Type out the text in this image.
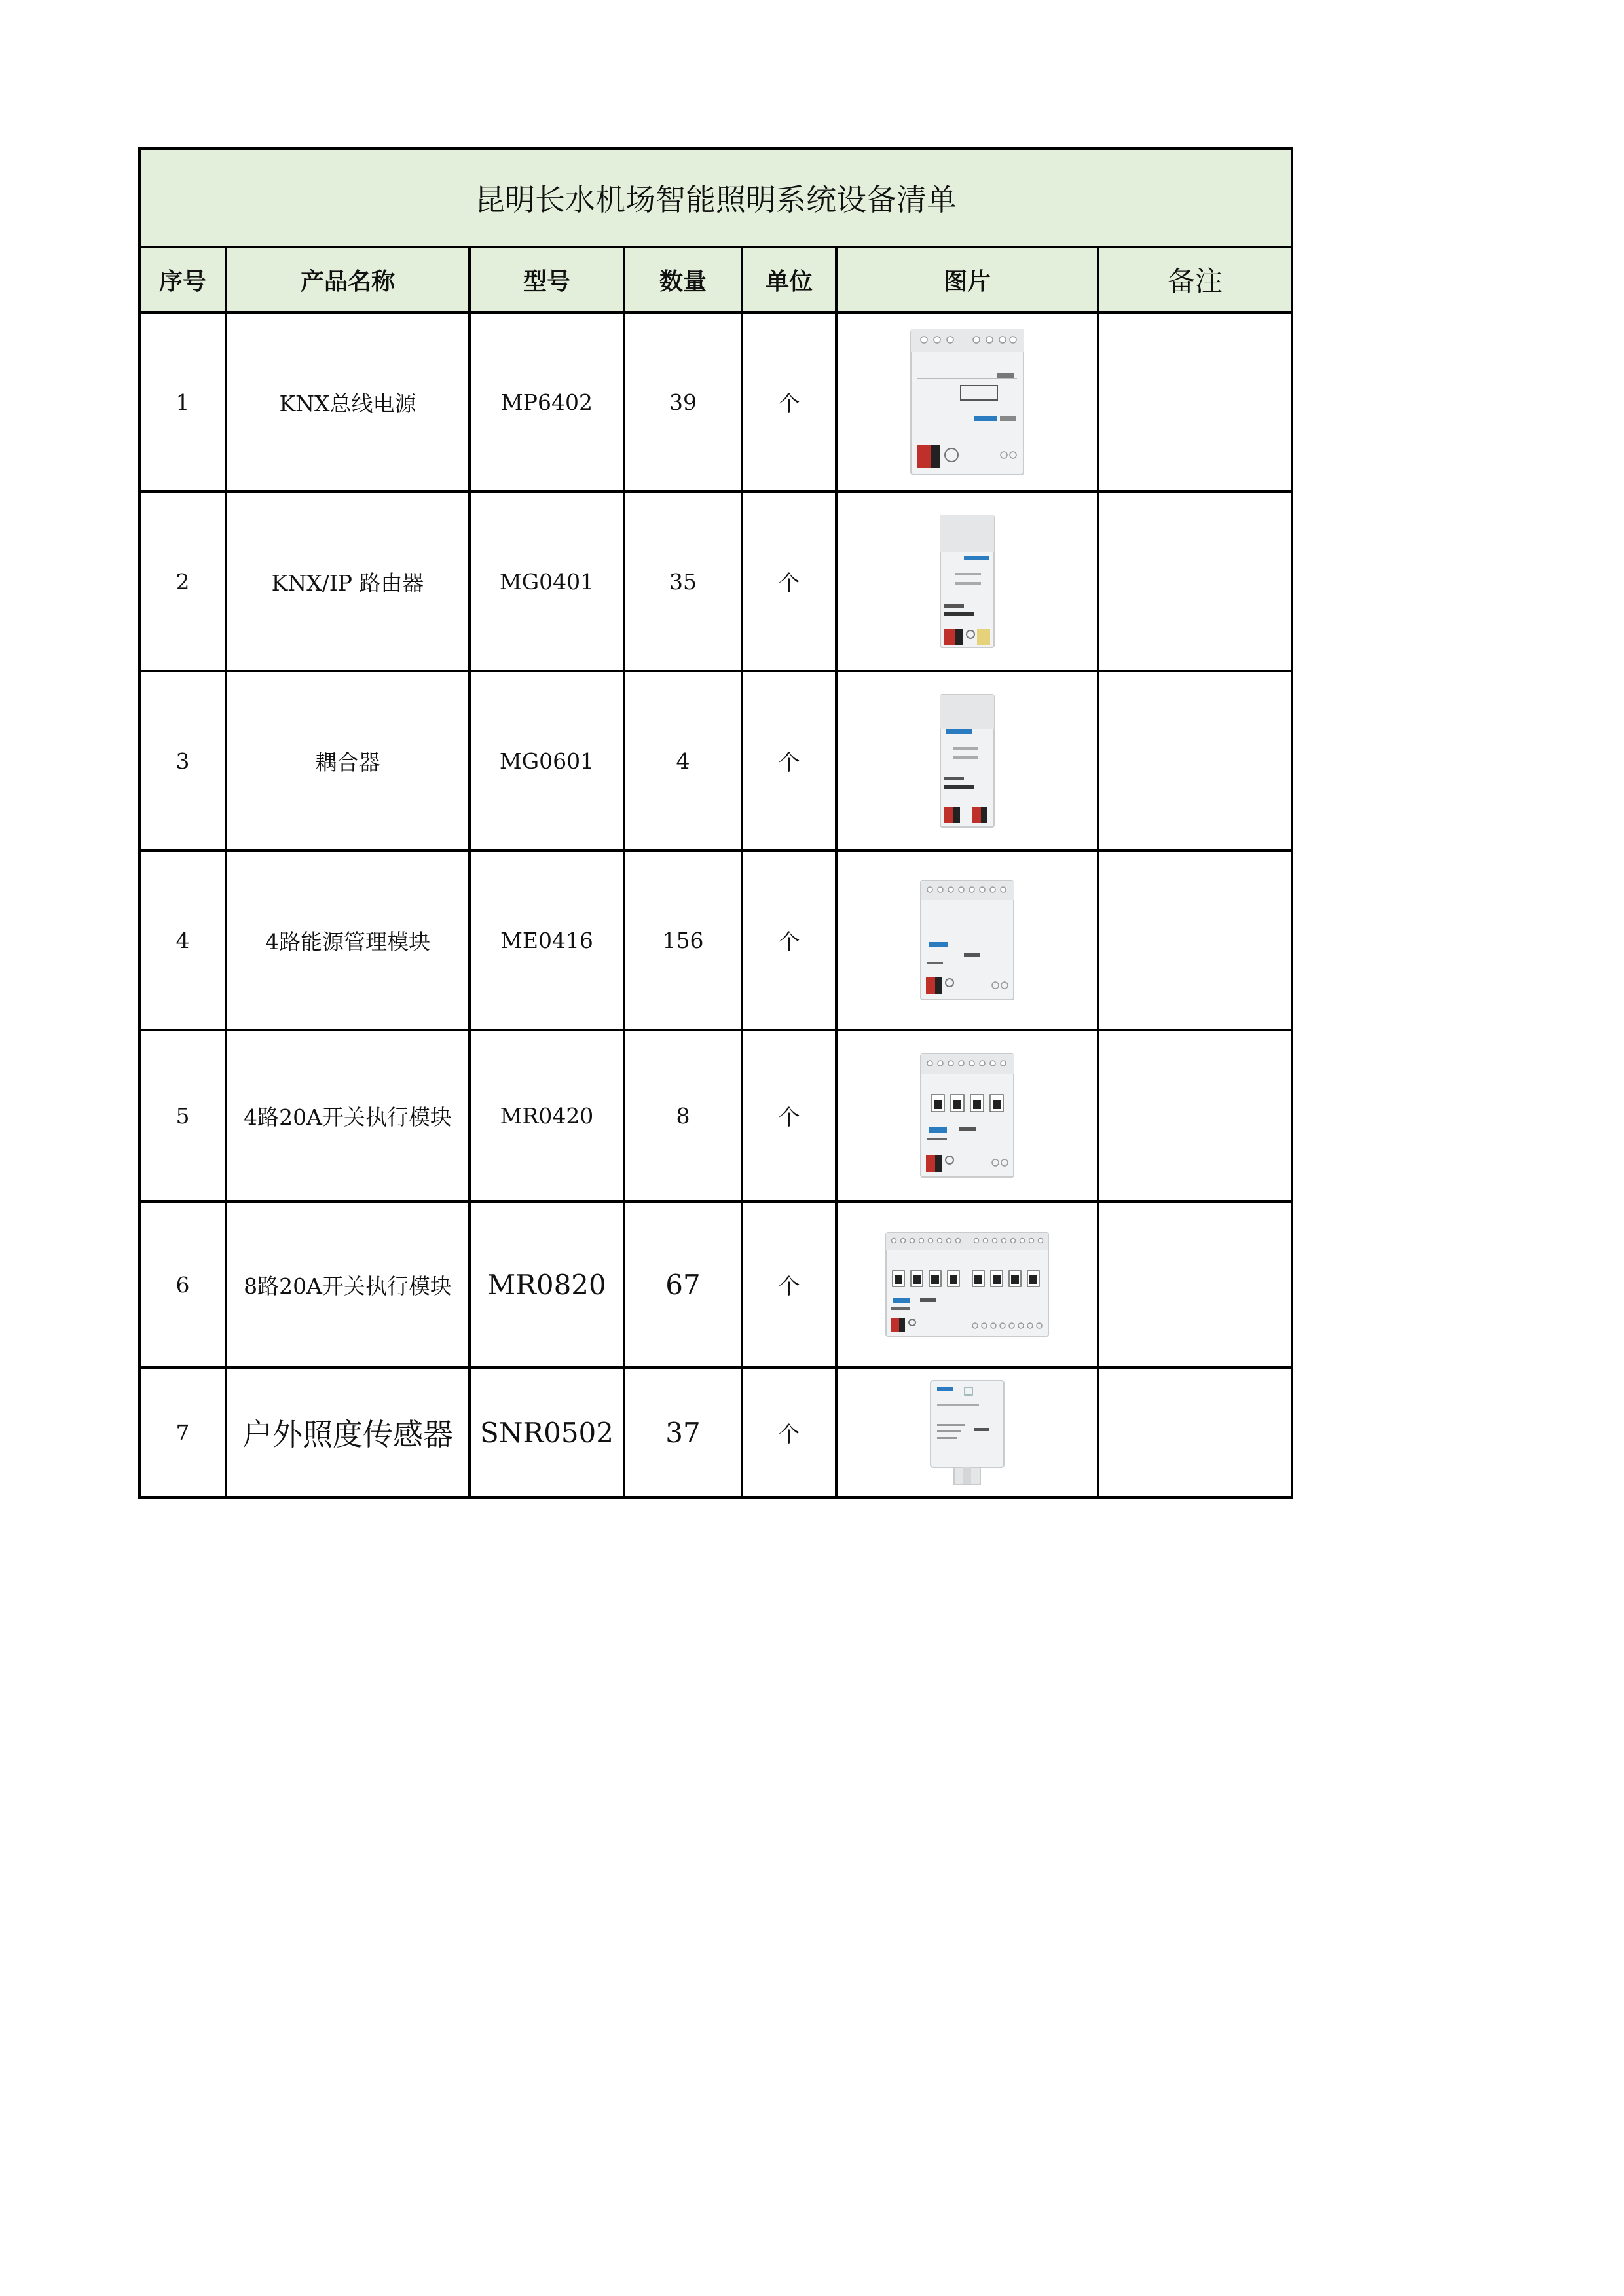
昆明长水机场智能照明系统设备清单						
序号	产品名称	型号	数量	单位	图片	备注
1	KNX总线电源	MP6402	39	个	

2	KNX/IP 路由器	MG0401	35	个	

3	耦合器	MG0601	4	个	

4	4路能源管理模块	ME0416	156	个	

5	4路20A开关执行模块	MR0420	8	个	

6	8路20A开关执行模块	MR0820	67	个	

7	户外照度传感器	SNR0502	37	个	
